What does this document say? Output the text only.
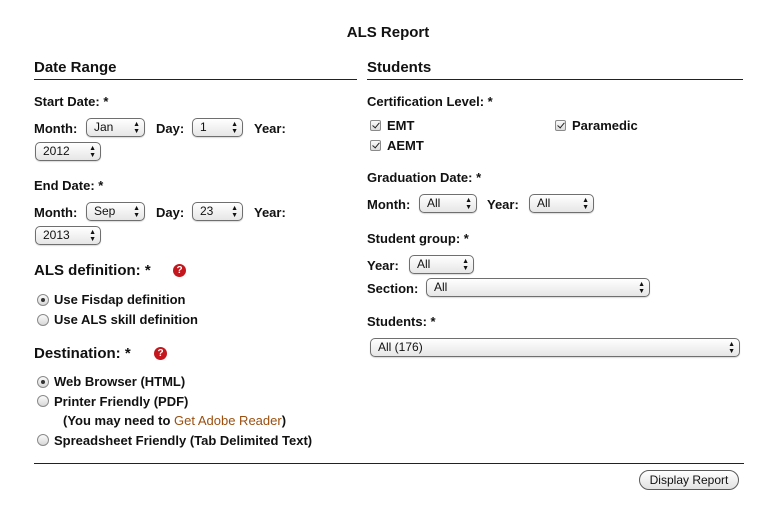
ALS Report
Date Range
Start Date: *
Month:	Jan	▲
▼ Day:	1	▲
▼ Year:
2012	▲
▼
End Date: *
Month:	Sep	▲
▼ Day:	23	▲
▼ Year:
2013	▲
▼
ALS definition: *	?
Use Fisdap definition
Use ALS skill definition
Destination: *	?
Web Browser (HTML)
Printer Friendly (PDF)
(You may need to Get Adobe Reader)
Spreadsheet Friendly (Tab Delimited Text)
Students
Certification Level: *
EMT	Paramedic
AEMT
Graduation Date: *
Month:	All	▲
▼ Year:	All	▲
▼
Student group: *
Year:	All	▲
▼
Section:	All	▲
▼
Students: *
All (176)	▲
▼
Display Report
